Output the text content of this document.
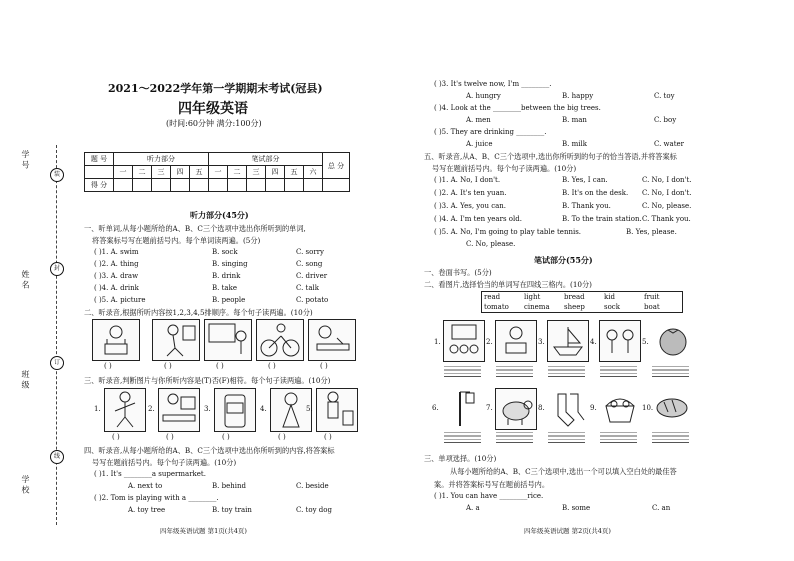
学 号
姓 名
班 级
学 校
装
封
订
线
2021～2022学年第一学期期末考试(冠县)
四年级英语
(时间:60分钟 满分:100分)
题 号	听力部分					笔试部分						总 分
	一	二	三	四	五	一	二	三	四	五	六	
得 分												
听力部分(45分)
一、听单词,从每小题所给的A、B、C三个选项中选出你所听到的单词,
将答案标号写在题前括号内。每个单词读两遍。(5分)
( )1. A. swim	B. sock	C. sorry
( )2. A. thing	B. singing	C. song
( )3. A. draw	B. drink	C. driver
( )4. A. drink	B. take	C. talk
( )5. A. picture	B. people	C. potato
二、听录音,根据所听内容按1,2,3,4,5排顺序。每个句子读两遍。(10分)
( )	( )	( )	( )	( )
三、听录音,判断图片与你所听内容是(T)否(F)相符。每个句子读两遍。(10分)
1.	2.	3.	4.	5.
( )	( )	( )	( )	( )
四、听录音,从每小题所给的A、B、C三个选项中选出你所听到的内容,将答案标
号写在题前括号内。每个句子读两遍。(10分)
( )1. It's ________a supermarket.
A. next to	B. behind	C. beside
( )2. Tom is playing with a ________.
A. toy tree	B. toy train	C. toy dog
四年级英语试题 第1页(共4页)
( )3. It's twelve now, I'm ________.
A. hungry	B. happy	C. toy
( )4. Look at the ________between the big trees.
A. men	B. man	C. boy
( )5. They are drinking ________.
A. juice	B. milk	C. water
五、听录音,从A、B、C三个选项中,选出你所听到的句子的恰当答语,并将答案标
号写在题前括号内。每个句子读两遍。(10分)
( )1. A. No, I don't.	B. Yes, I can.	C. No, I don't.
( )2. A. It's ten yuan.	B. It's on the desk. C. No, I don't.
( )3. A. Yes, you can.	B. Thank you.	C. No, please.
( )4. A. I'm ten years old.	B. To the train station. C. Thank you.
( )5. A. No, I'm going to play table tennis.	B. Yes, please.
C. No, please.
笔试部分(55分)
一、卷面书写。(5分)
二、看图片,选择恰当的单词写在四线三格内。(10分)
read	light	bread	kid	fruit
tomato	cinema	sheep	sock	boat
1.	2.	3.	4.	5.
6.	7.	8.	9.	10.
三、单项选择。(10分)
从每小题所给的A、B、C三个选项中,选出一个可以填入空白处的最佳答
案。并将答案标号写在题前括号内。
( )1. You can have ________rice.
A. a	B. some	C. an
四年级英语试题 第2页(共4页)
